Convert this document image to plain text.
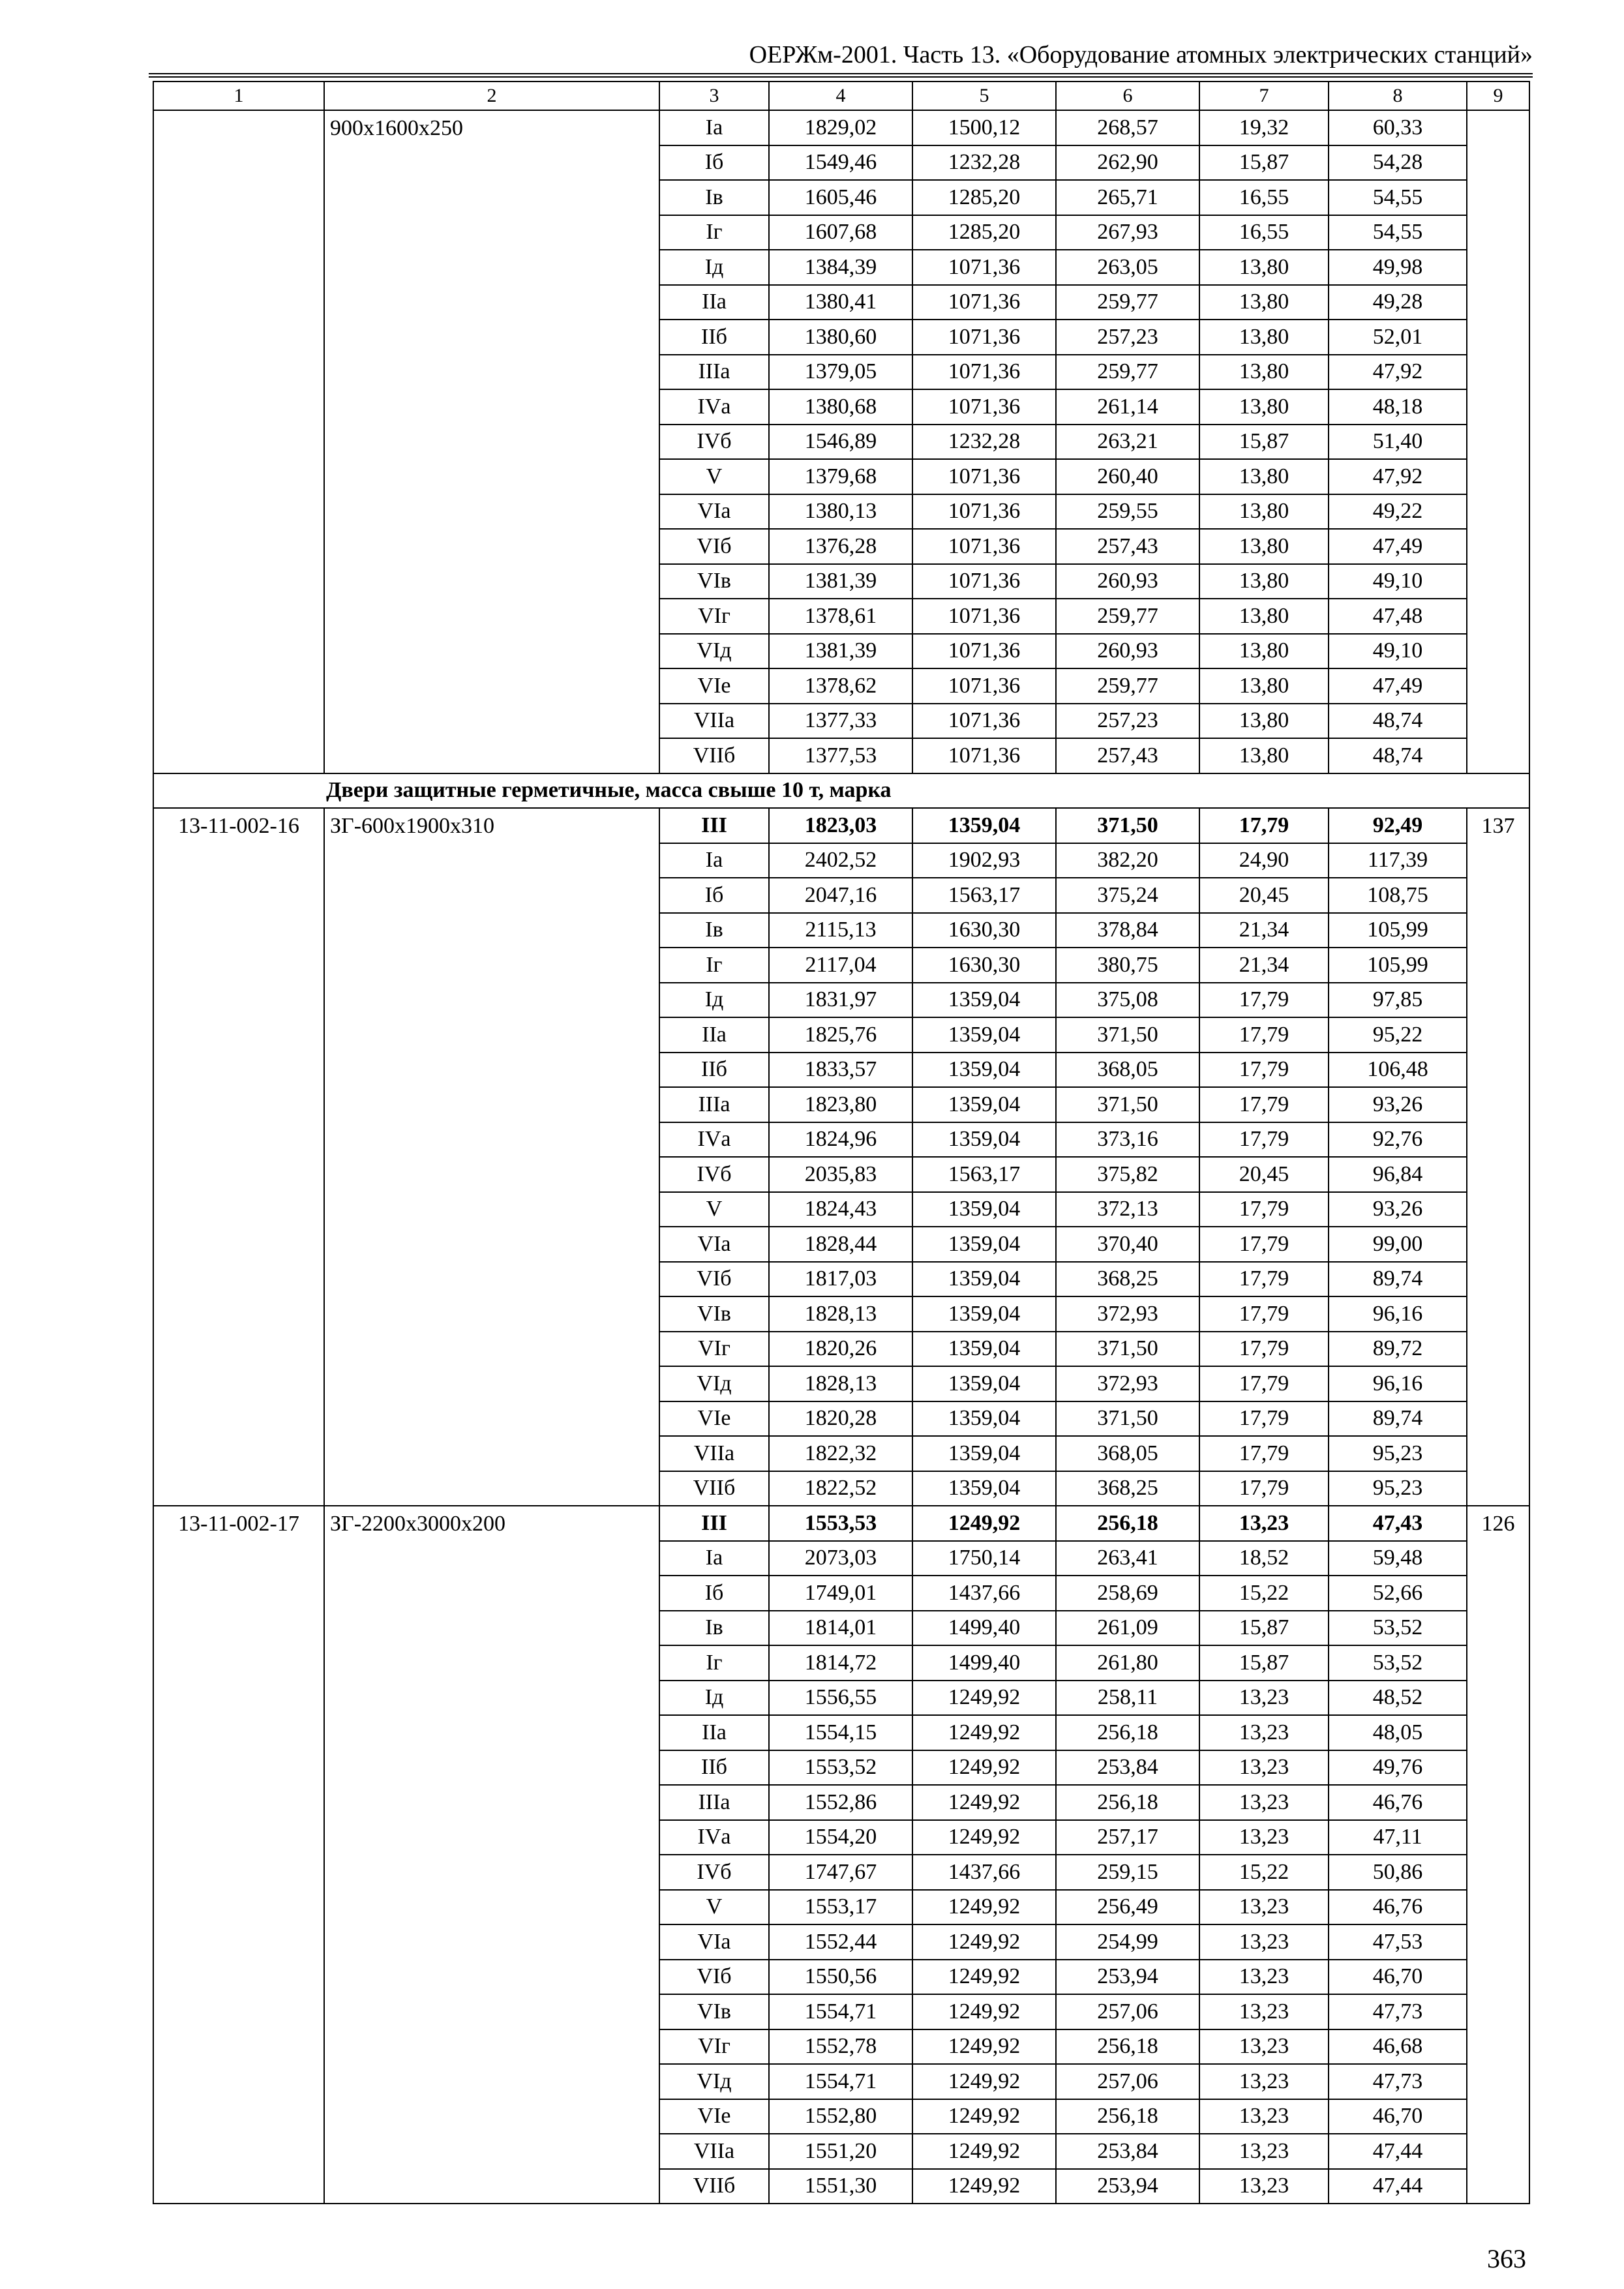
ОЕРЖм-2001. Часть 13. «Оборудование атомных электрических станций»
1	2	3	4	5	6	7	8	9
	900х1600х250	Iа	1829,02	1500,12	268,57	19,32	60,33	
		Iб	1549,46	1232,28	262,90	15,87	54,28	
		Iв	1605,46	1285,20	265,71	16,55	54,55	
		Iг	1607,68	1285,20	267,93	16,55	54,55	
		Iд	1384,39	1071,36	263,05	13,80	49,98	
		IIа	1380,41	1071,36	259,77	13,80	49,28	
		IIб	1380,60	1071,36	257,23	13,80	52,01	
		IIIа	1379,05	1071,36	259,77	13,80	47,92	
		IVа	1380,68	1071,36	261,14	13,80	48,18	
		IVб	1546,89	1232,28	263,21	15,87	51,40	
		V	1379,68	1071,36	260,40	13,80	47,92	
		VIа	1380,13	1071,36	259,55	13,80	49,22	
		VIб	1376,28	1071,36	257,43	13,80	47,49	
		VIв	1381,39	1071,36	260,93	13,80	49,10	
		VIг	1378,61	1071,36	259,77	13,80	47,48	
		VIд	1381,39	1071,36	260,93	13,80	49,10	
		VIе	1378,62	1071,36	259,77	13,80	47,49	
		VIIа	1377,33	1071,36	257,23	13,80	48,74	
		VIIб	1377,53	1071,36	257,43	13,80	48,74	
Двери защитные герметичные, масса свыше 10 т, марка								
13-11-002-16	ЗГ-600х1900х310	III	1823,03	1359,04	371,50	17,79	92,49	137
		Iа	2402,52	1902,93	382,20	24,90	117,39	
		Iб	2047,16	1563,17	375,24	20,45	108,75	
		Iв	2115,13	1630,30	378,84	21,34	105,99	
		Iг	2117,04	1630,30	380,75	21,34	105,99	
		Iд	1831,97	1359,04	375,08	17,79	97,85	
		IIа	1825,76	1359,04	371,50	17,79	95,22	
		IIб	1833,57	1359,04	368,05	17,79	106,48	
		IIIа	1823,80	1359,04	371,50	17,79	93,26	
		IVа	1824,96	1359,04	373,16	17,79	92,76	
		IVб	2035,83	1563,17	375,82	20,45	96,84	
		V	1824,43	1359,04	372,13	17,79	93,26	
		VIа	1828,44	1359,04	370,40	17,79	99,00	
		VIб	1817,03	1359,04	368,25	17,79	89,74	
		VIв	1828,13	1359,04	372,93	17,79	96,16	
		VIг	1820,26	1359,04	371,50	17,79	89,72	
		VIд	1828,13	1359,04	372,93	17,79	96,16	
		VIе	1820,28	1359,04	371,50	17,79	89,74	
		VIIа	1822,32	1359,04	368,05	17,79	95,23	
		VIIб	1822,52	1359,04	368,25	17,79	95,23	
13-11-002-17	ЗГ-2200х3000х200	III	1553,53	1249,92	256,18	13,23	47,43	126
		Iа	2073,03	1750,14	263,41	18,52	59,48	
		Iб	1749,01	1437,66	258,69	15,22	52,66	
		Iв	1814,01	1499,40	261,09	15,87	53,52	
		Iг	1814,72	1499,40	261,80	15,87	53,52	
		Iд	1556,55	1249,92	258,11	13,23	48,52	
		IIа	1554,15	1249,92	256,18	13,23	48,05	
		IIб	1553,52	1249,92	253,84	13,23	49,76	
		IIIа	1552,86	1249,92	256,18	13,23	46,76	
		IVа	1554,20	1249,92	257,17	13,23	47,11	
		IVб	1747,67	1437,66	259,15	15,22	50,86	
		V	1553,17	1249,92	256,49	13,23	46,76	
		VIа	1552,44	1249,92	254,99	13,23	47,53	
		VIб	1550,56	1249,92	253,94	13,23	46,70	
		VIв	1554,71	1249,92	257,06	13,23	47,73	
		VIг	1552,78	1249,92	256,18	13,23	46,68	
		VIд	1554,71	1249,92	257,06	13,23	47,73	
		VIе	1552,80	1249,92	256,18	13,23	46,70	
		VIIа	1551,20	1249,92	253,84	13,23	47,44	
		VIIб	1551,30	1249,92	253,94	13,23	47,44	
363
